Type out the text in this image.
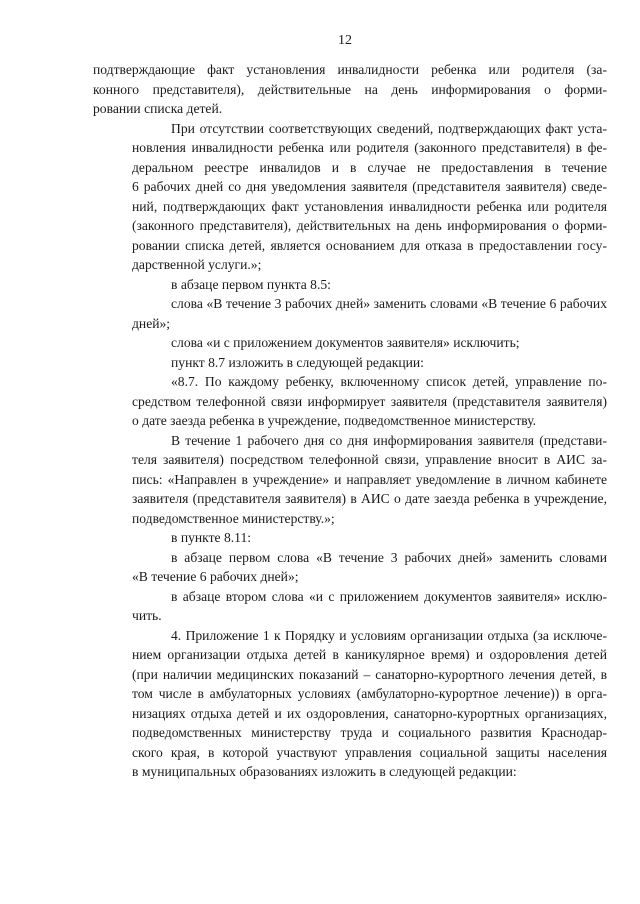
12
подтверждающие факт установления инвалидности ребенка или родителя (за-
конного представителя), действительные на день информирования о форми-
ровании списка детей.
При отсутствии соответствующих сведений, подтверждающих факт уста-
новления инвалидности ребенка или родителя (законного представителя) в фе-
деральном реестре инвалидов и в случае не предоставления в течение
6 рабочих дней со дня уведомления заявителя (представителя заявителя) сведе-
ний, подтверждающих факт установления инвалидности ребенка или родителя
(законного представителя), действительных на день информирования о форми-
ровании списка детей, является основанием для отказа в предоставлении госу-
дарственной услуги.»;
в абзаце первом пункта 8.5:
слова «В течение 3 рабочих дней» заменить словами «В течение 6 рабочих
дней»;
слова «и с приложением документов заявителя» исключить;
пункт 8.7 изложить в следующей редакции:
«8.7. По каждому ребенку, включенному список детей, управление по-
средством телефонной связи информирует заявителя (представителя заявителя)
о дате заезда ребенка в учреждение, подведомственное министерству.
В течение 1 рабочего дня со дня информирования заявителя (представи-
теля заявителя) посредством телефонной связи, управление вносит в АИС за-
пись: «Направлен в учреждение» и направляет уведомление в личном кабинете
заявителя (представителя заявителя) в АИС о дате заезда ребенка в учреждение,
подведомственное министерству.»;
в пункте 8.11:
в абзаце первом слова «В течение 3 рабочих дней» заменить словами
«В течение 6 рабочих дней»;
в абзаце втором слова «и с приложением документов заявителя» исклю-
чить.
4. Приложение 1 к Порядку и условиям организации отдыха (за исключе-
нием организации отдыха детей в каникулярное время) и оздоровления детей
(при наличии медицинских показаний – санаторно-курортного лечения детей, в
том числе в амбулаторных условиях (амбулаторно-курортное лечение)) в орга-
низациях отдыха детей и их оздоровления, санаторно-курортных организациях,
подведомственных министерству труда и социального развития Краснодар-
ского края, в которой участвуют управления социальной защиты населения
в муниципальных образованиях изложить в следующей редакции:
